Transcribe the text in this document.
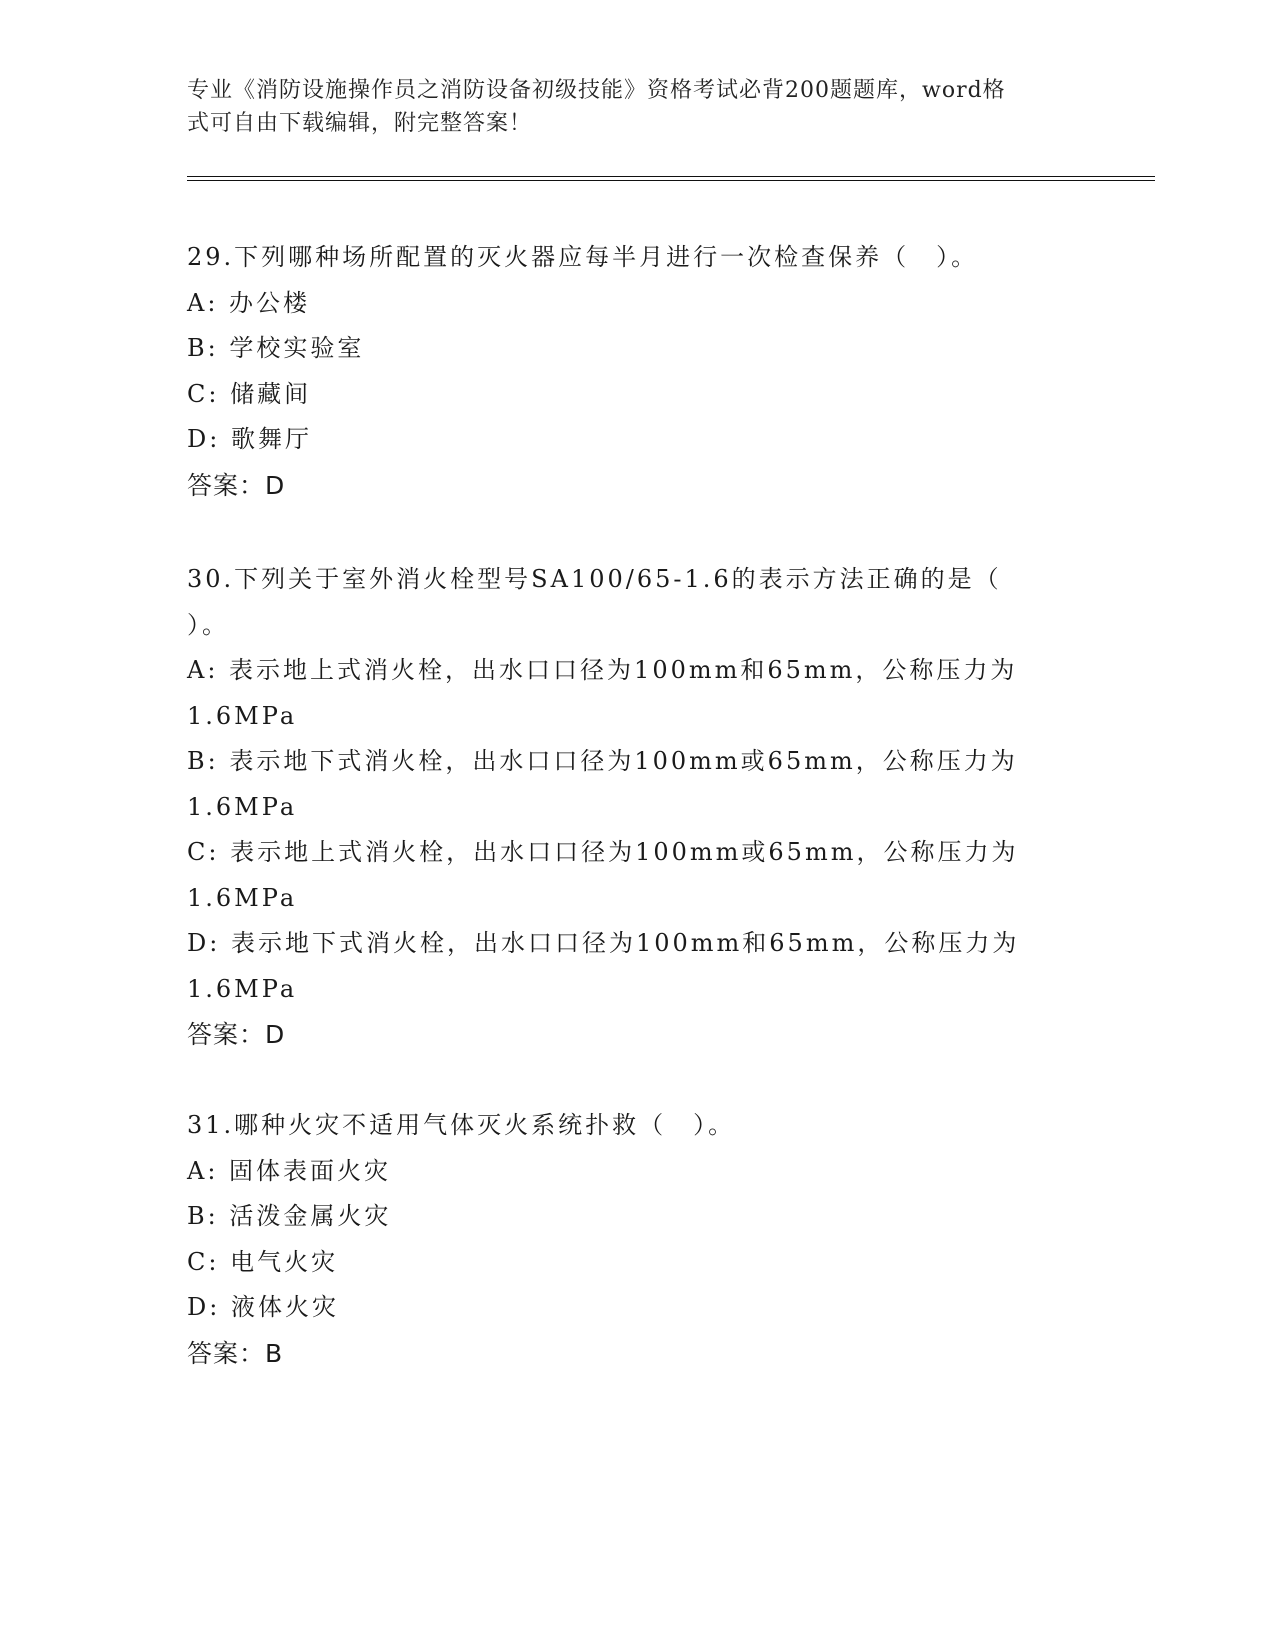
专业《消防设施操作员之消防设备初级技能》资格考试必背200题题库，word格
式可自由下载编辑，附完整答案！

29.下列哪种场所配置的灭火器应每半月进行一次检查保养（　）。

A: 办公楼

B: 学校实验室

C: 储藏间

D: 歌舞厅

答案：D

30.下列关于室外消火栓型号SA100/65-1.6的表示方法正确的是（

）。

A: 表示地上式消火栓，出水口口径为100mm和65mm，公称压力为

1.6MPa

B: 表示地下式消火栓，出水口口径为100mm或65mm，公称压力为

1.6MPa

C: 表示地上式消火栓，出水口口径为100mm或65mm，公称压力为

1.6MPa

D: 表示地下式消火栓，出水口口径为100mm和65mm，公称压力为

1.6MPa

答案：D

31.哪种火灾不适用气体灭火系统扑救（　）。

A: 固体表面火灾

B: 活泼金属火灾

C: 电气火灾

D: 液体火灾

答案：B
